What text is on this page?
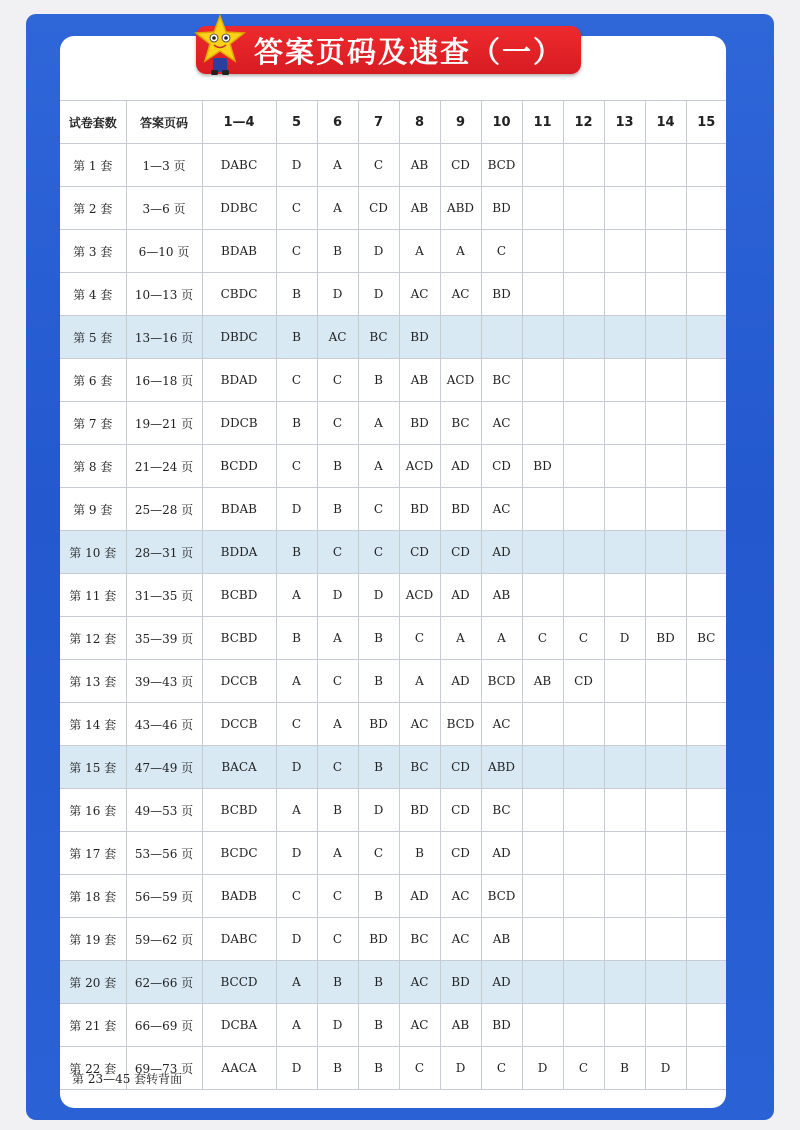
答案页码及速查（一）
试卷套数	答案页码	1—4	5	6	7	8	9	10	11	12	13	14	15
第 1 套	1—3 页	DABC	D	A	C	AB	CD	BCD					
第 2 套	3—6 页	DDBC	C	A	CD	AB	ABD	BD					
第 3 套	6—10 页	BDAB	C	B	D	A	A	C					
第 4 套	10—13 页	CBDC	B	D	D	AC	AC	BD					
第 5 套	13—16 页	DBDC	B	AC	BC	BD							
第 6 套	16—18 页	BDAD	C	C	B	AB	ACD	BC					
第 7 套	19—21 页	DDCB	B	C	A	BD	BC	AC					
第 8 套	21—24 页	BCDD	C	B	A	ACD	AD	CD	BD				
第 9 套	25—28 页	BDAB	D	B	C	BD	BD	AC					
第 10 套	28—31 页	BDDA	B	C	C	CD	CD	AD					
第 11 套	31—35 页	BCBD	A	D	D	ACD	AD	AB					
第 12 套	35—39 页	BCBD	B	A	B	C	A	A	C	C	D	BD	BC
第 13 套	39—43 页	DCCB	A	C	B	A	AD	BCD	AB	CD			
第 14 套	43—46 页	DCCB	C	A	BD	AC	BCD	AC					
第 15 套	47—49 页	BACA	D	C	B	BC	CD	ABD					
第 16 套	49—53 页	BCBD	A	B	D	BD	CD	BC					
第 17 套	53—56 页	BCDC	D	A	C	B	CD	AD					
第 18 套	56—59 页	BADB	C	C	B	AD	AC	BCD					
第 19 套	59—62 页	DABC	D	C	BD	BC	AC	AB					
第 20 套	62—66 页	BCCD	A	B	B	AC	BD	AD					
第 21 套	66—69 页	DCBA	A	D	B	AC	AB	BD					
第 22 套	69—73 页	AACA	D	B	B	C	D	C	D	C	B	D	
第 23—45 套转背面
